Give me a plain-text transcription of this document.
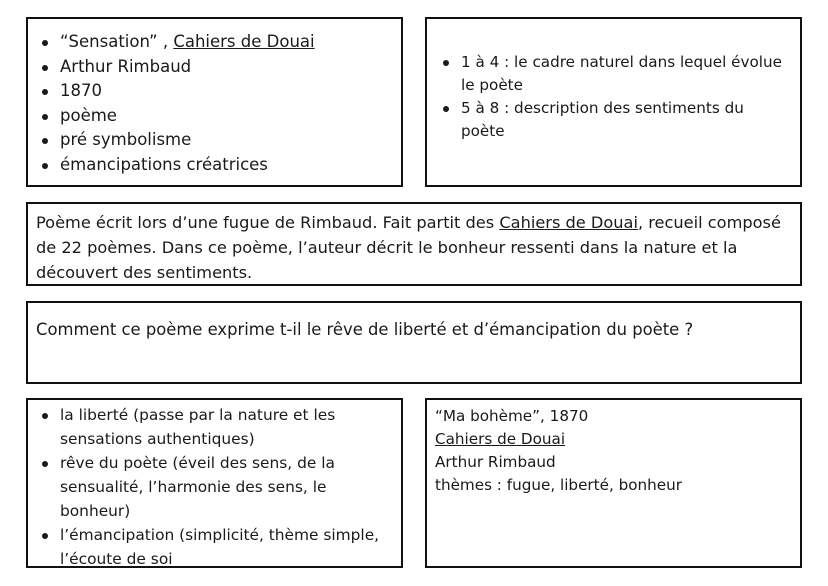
“Sensation” , Cahiers de Douai
Arthur Rimbaud
1870
poème
pré symbolisme
émancipations créatrices
1 à 4 : le cadre naturel dans lequel évolue le poète
5 à 8 : description des sentiments du poète

Poème écrit lors d’une fugue de Rimbaud. Fait partit des Cahiers de Douai, recueil composé de 22 poèmes. Dans ce poème, l’auteur décrit le bonheur ressenti dans la nature et la découvert des sentiments.

Comment ce poème exprime t-il le rêve de liberté et d’émancipation du poète ?

la liberté (passe par la nature et les sensations authentiques)
rêve du poète (éveil des sens, de la sensualité, l’harmonie des sens, le bonheur)
l’émancipation (simplicité, thème simple, l’écoute de soi
“Ma bohème”, 1870
Cahiers de Douai
Arthur Rimbaud
thèmes : fugue, liberté, bonheur
